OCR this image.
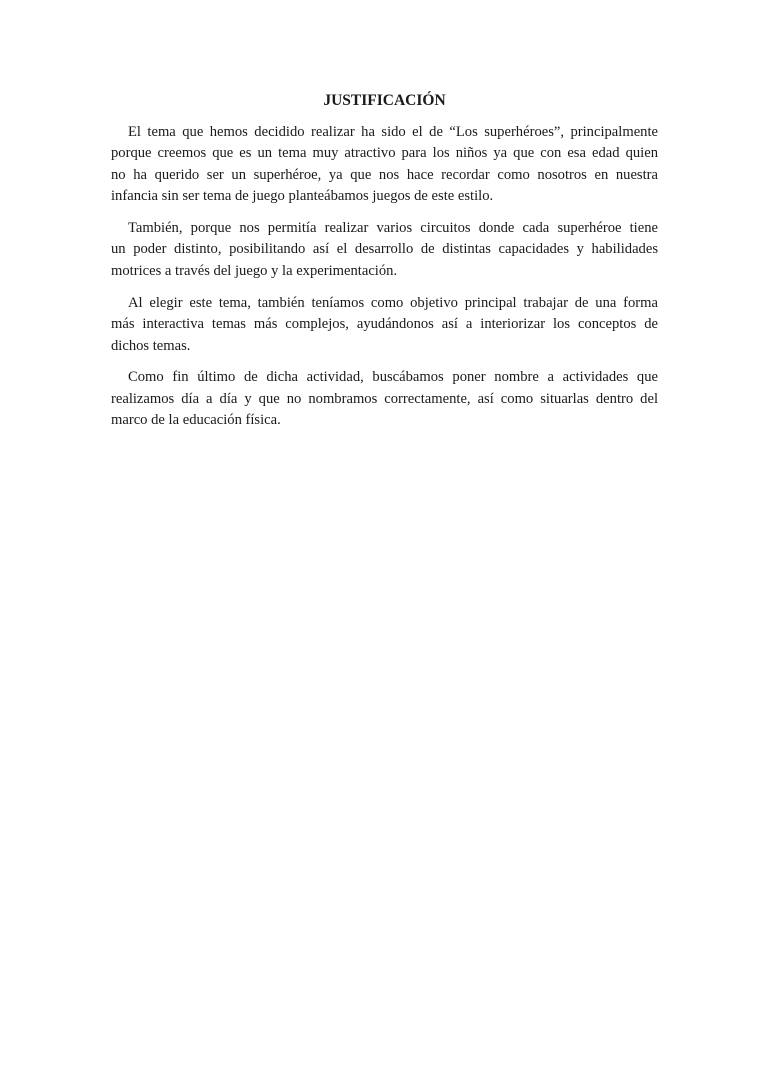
JUSTIFICACIÓN
El tema que hemos decidido realizar ha sido el de “Los superhéroes”, principalmente
porque creemos que es un tema muy atractivo para los niños ya que con esa edad quien
no ha querido ser un superhéroe, ya que nos hace recordar como nosotros en nuestra
infancia sin ser tema de juego planteábamos juegos de este estilo.
También, porque nos permitía realizar varios circuitos donde cada superhéroe tiene
un poder distinto, posibilitando así el desarrollo de distintas capacidades y habilidades
motrices a través del juego y la experimentación.
Al elegir este tema, también teníamos como objetivo principal trabajar de una forma
más interactiva temas más complejos, ayudándonos así a interiorizar los conceptos de
dichos temas.
Como fin último de dicha actividad, buscábamos poner nombre a actividades que
realizamos día a día y que no nombramos correctamente, así como situarlas dentro del
marco de la educación física.
